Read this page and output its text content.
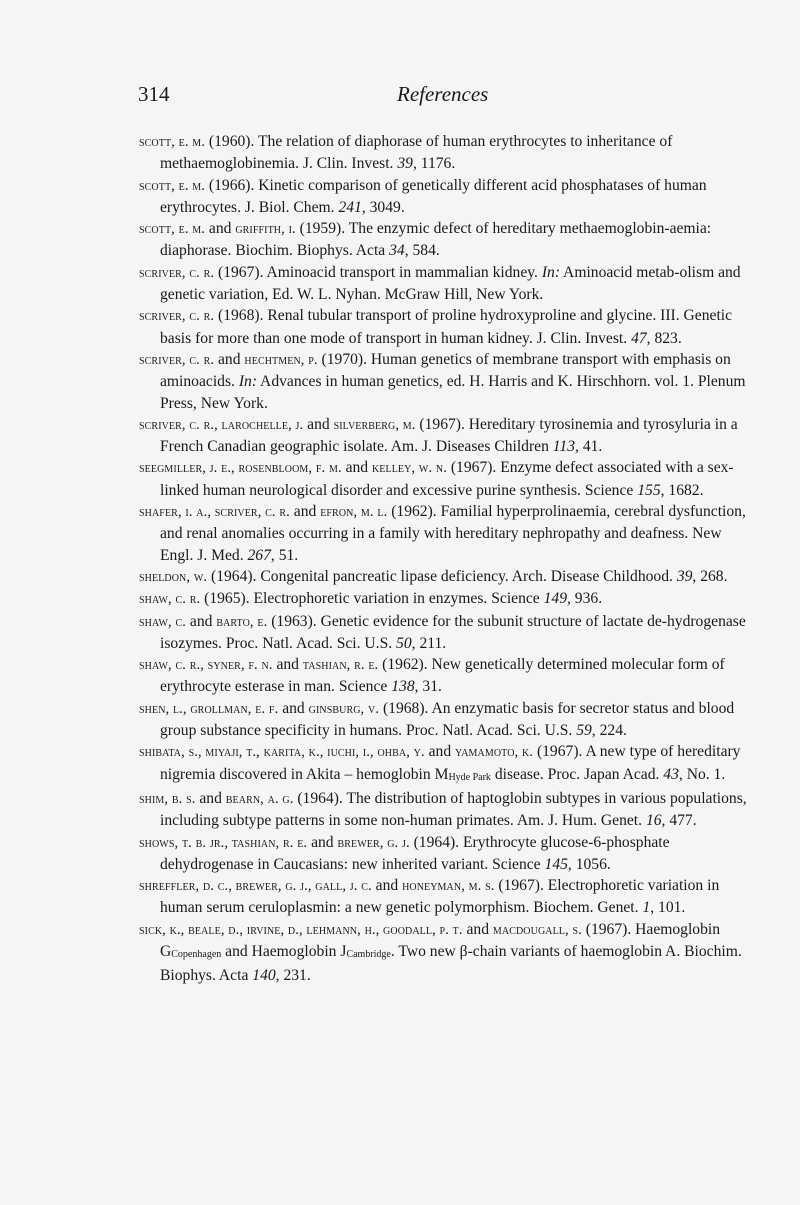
314	References

scott, e. m. (1960). The relation of diaphorase of human erythrocytes to inheritance of methaemoglobinemia. J. Clin. Invest. 39, 1176.

scott, e. m. (1966). Kinetic comparison of genetically different acid phosphatases of human erythrocytes. J. Biol. Chem. 241, 3049.

scott, e. m. and griffith, i. (1959). The enzymic defect of hereditary methaemoglobin-aemia: diaphorase. Biochim. Biophys. Acta 34, 584.

scriver, c. r. (1967). Aminoacid transport in mammalian kidney. In: Aminoacid metab-olism and genetic variation, Ed. W. L. Nyhan. McGraw Hill, New York.

scriver, c. r. (1968). Renal tubular transport of proline hydroxyproline and glycine. III. Genetic basis for more than one mode of transport in human kidney. J. Clin. Invest. 47, 823.

scriver, c. r. and hechtmen, p. (1970). Human genetics of membrane transport with emphasis on aminoacids. In: Advances in human genetics, ed. H. Harris and K. Hirschhorn. vol. 1. Plenum Press, New York.

scriver, c. r., larochelle, j. and silverberg, m. (1967). Hereditary tyrosinemia and tyrosyluria in a French Canadian geographic isolate. Am. J. Diseases Children 113, 41.

seegmiller, j. e., rosenbloom, f. m. and kelley, w. n. (1967). Enzyme defect associated with a sex-linked human neurological disorder and excessive purine synthesis. Science 155, 1682.

shafer, i. a., scriver, c. r. and efron, m. l. (1962). Familial hyperprolinaemia, cerebral dysfunction, and renal anomalies occurring in a family with hereditary nephropathy and deafness. New Engl. J. Med. 267, 51.

sheldon, w. (1964). Congenital pancreatic lipase deficiency. Arch. Disease Childhood. 39, 268.

shaw, c. r. (1965). Electrophoretic variation in enzymes. Science 149, 936.

shaw, c. and barto, e. (1963). Genetic evidence for the subunit structure of lactate de-hydrogenase isozymes. Proc. Natl. Acad. Sci. U.S. 50, 211.

shaw, c. r., syner, f. n. and tashian, r. e. (1962). New genetically determined molecular form of erythrocyte esterase in man. Science 138, 31.

shen, l., grollman, e. f. and ginsburg, v. (1968). An enzymatic basis for secretor status and blood group substance specificity in humans. Proc. Natl. Acad. Sci. U.S. 59, 224.

shibata, s., miyaji, t., karita, k., iuchi, i., ohba, y. and yamamoto, k. (1967). A new type of hereditary nigremia discovered in Akita – hemoglobin MHyde Park disease. Proc. Japan Acad. 43, No. 1.

shim, b. s. and bearn, a. g. (1964). The distribution of haptoglobin subtypes in various populations, including subtype patterns in some non-human primates. Am. J. Hum. Genet. 16, 477.

shows, t. b. jr., tashian, r. e. and brewer, g. j. (1964). Erythrocyte glucose-6-phosphate dehydrogenase in Caucasians: new inherited variant. Science 145, 1056.

shreffler, d. c., brewer, g. j., gall, j. c. and honeyman, m. s. (1967). Electrophoretic variation in human serum ceruloplasmin: a new genetic polymorphism. Biochem. Genet. 1, 101.

sick, k., beale, d., irvine, d., lehmann, h., goodall, p. t. and macdougall, s. (1967). Haemoglobin GCopenhagen and Haemoglobin JCambridge. Two new β-chain variants of haemoglobin A. Biochim. Biophys. Acta 140, 231.
